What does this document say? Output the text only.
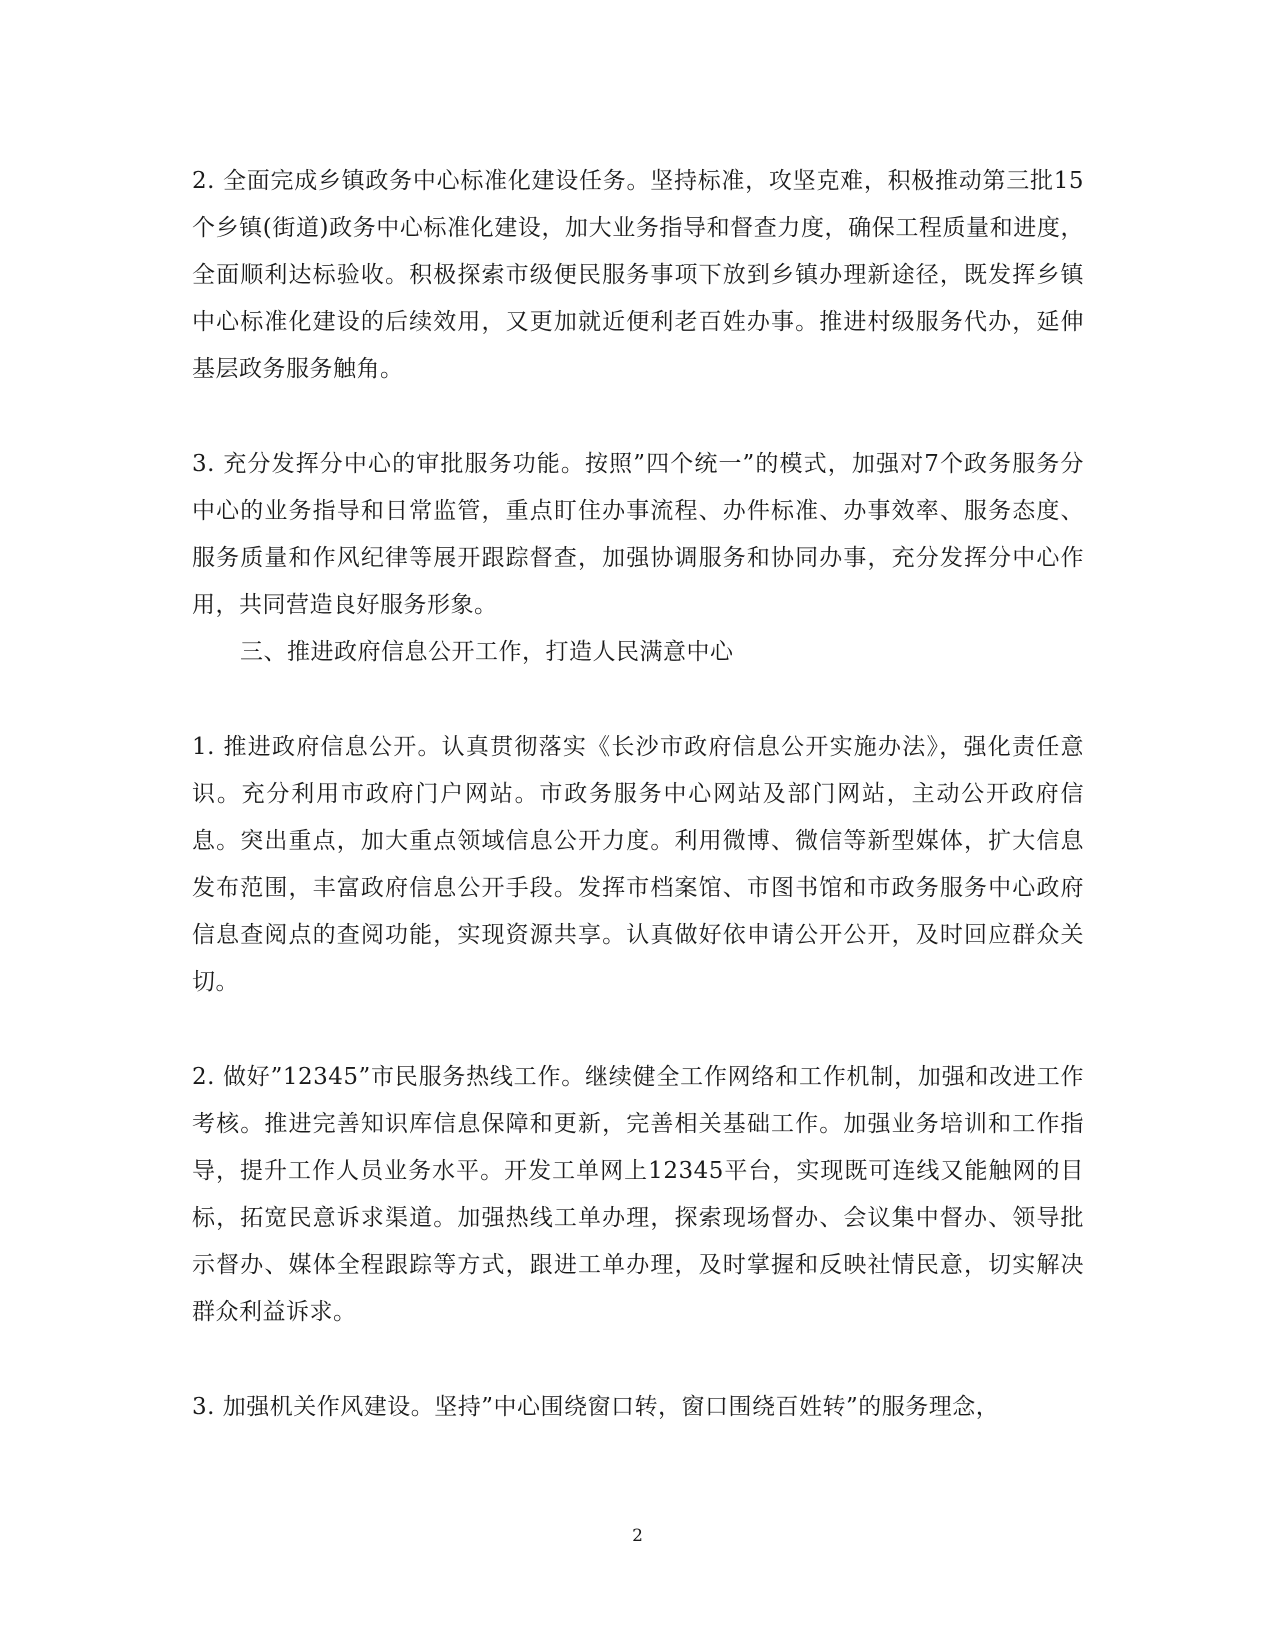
2. 全面完成乡镇政务中心标准化建设任务。坚持标准，攻坚克难，积极推动第三批15个乡镇(街道)政务中心标准化建设，加大业务指导和督查力度，确保工程质量和进度，全面顺利达标验收。积极探索市级便民服务事项下放到乡镇办理新途径，既发挥乡镇中心标准化建设的后续效用，又更加就近便利老百姓办事。推进村级服务代办，延伸基层政务服务触角。

3. 充分发挥分中心的审批服务功能。按照”四个统一”的模式，加强对7个政务服务分中心的业务指导和日常监管，重点盯住办事流程、办件标准、办事效率、服务态度、服务质量和作风纪律等展开跟踪督查，加强协调服务和协同办事，充分发挥分中心作用，共同营造良好服务形象。

三、推进政府信息公开工作，打造人民满意中心

1. 推进政府信息公开。认真贯彻落实《长沙市政府信息公开实施办法》，强化责任意识。充分利用市政府门户网站。市政务服务中心网站及部门网站，主动公开政府信息。突出重点，加大重点领域信息公开力度。利用微博、微信等新型媒体，扩大信息发布范围，丰富政府信息公开手段。发挥市档案馆、市图书馆和市政务服务中心政府信息查阅点的查阅功能，实现资源共享。认真做好依申请公开公开，及时回应群众关切。

2. 做好”12345”市民服务热线工作。继续健全工作网络和工作机制，加强和改进工作考核。推进完善知识库信息保障和更新，完善相关基础工作。加强业务培训和工作指导，提升工作人员业务水平。开发工单网上12345平台，实现既可连线又能触网的目标，拓宽民意诉求渠道。加强热线工单办理，探索现场督办、会议集中督办、领导批示督办、媒体全程跟踪等方式，跟进工单办理，及时掌握和反映社情民意，切实解决群众利益诉求。

3. 加强机关作风建设。坚持”中心围绕窗口转，窗口围绕百姓转”的服务理念，

2
